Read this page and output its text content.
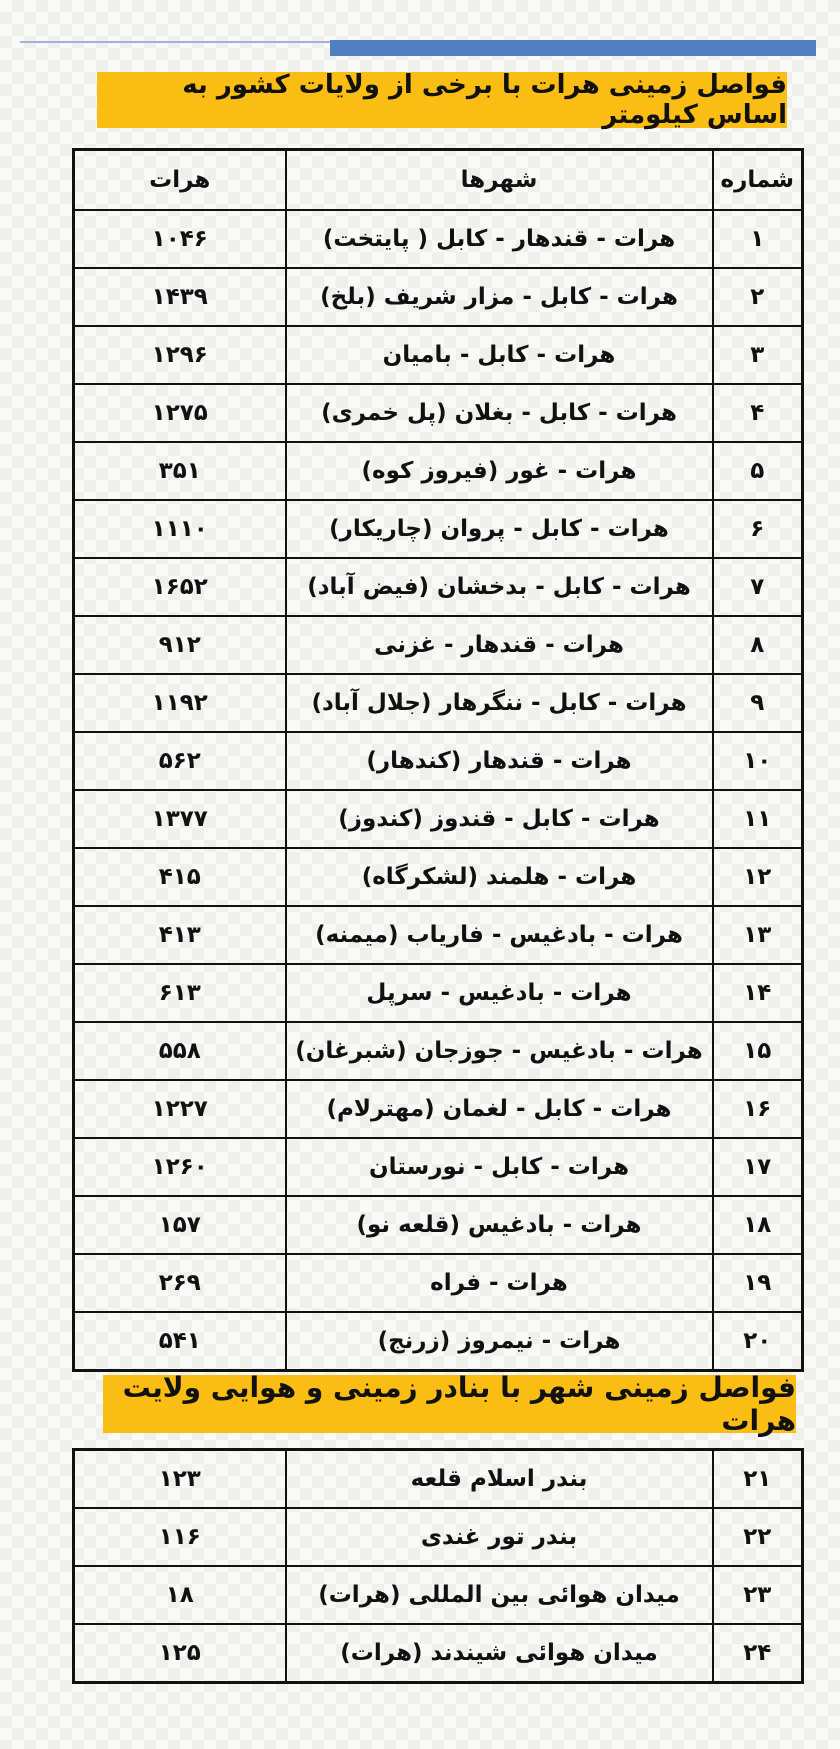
فواصل زمینی هرات با برخی از ولایات کشور به اساس کیلومتر
شماره	شهرها	هرات
۱	هرات - قندهار - کابل ( پایتخت)	۱۰۴۶
۲	هرات - کابل - مزار شریف (بلخ)	۱۴۳۹
۳	هرات - کابل - بامیان	۱۲۹۶
۴	هرات - کابل - بغلان (پل خمری)	۱۲۷۵
۵	هرات - غور (فیروز کوه)	۳۵۱
۶	هرات - کابل - پروان (چاریکار)	۱۱۱۰
۷	هرات - کابل - بدخشان (فیض آباد)	۱۶۵۲
۸	هرات - قندهار - غزنی	۹۱۲
۹	هرات - کابل - ننگرهار (جلال آباد)	۱۱۹۲
۱۰	هرات - قندهار (کندهار)	۵۶۲
۱۱	هرات - کابل - قندوز (کندوز)	۱۳۷۷
۱۲	هرات - هلمند (لشکرگاه)	۴۱۵
۱۳	هرات - بادغیس - فاریاب (میمنه)	۴۱۳
۱۴	هرات - بادغیس - سرپل	۶۱۳
۱۵	هرات - بادغیس - جوزجان (شبرغان)	۵۵۸
۱۶	هرات - کابل - لغمان (مهترلام)	۱۲۲۷
۱۷	هرات - کابل - نورستان	۱۲۶۰
۱۸	هرات - بادغیس (قلعه نو)	۱۵۷
۱۹	هرات - فراه	۲۶۹
۲۰	هرات - نیمروز (زرنج)	۵۴۱
فواصل زمینی شهر با بنادر زمینی و هوایی ولایت هرات
۲۱	بندر اسلام قلعه	۱۲۳
۲۲	بندر تور غندی	۱۱۶
۲۳	میدان هوائی بین المللی (هرات)	۱۸
۲۴	میدان هوائی شیندند (هرات)	۱۲۵
